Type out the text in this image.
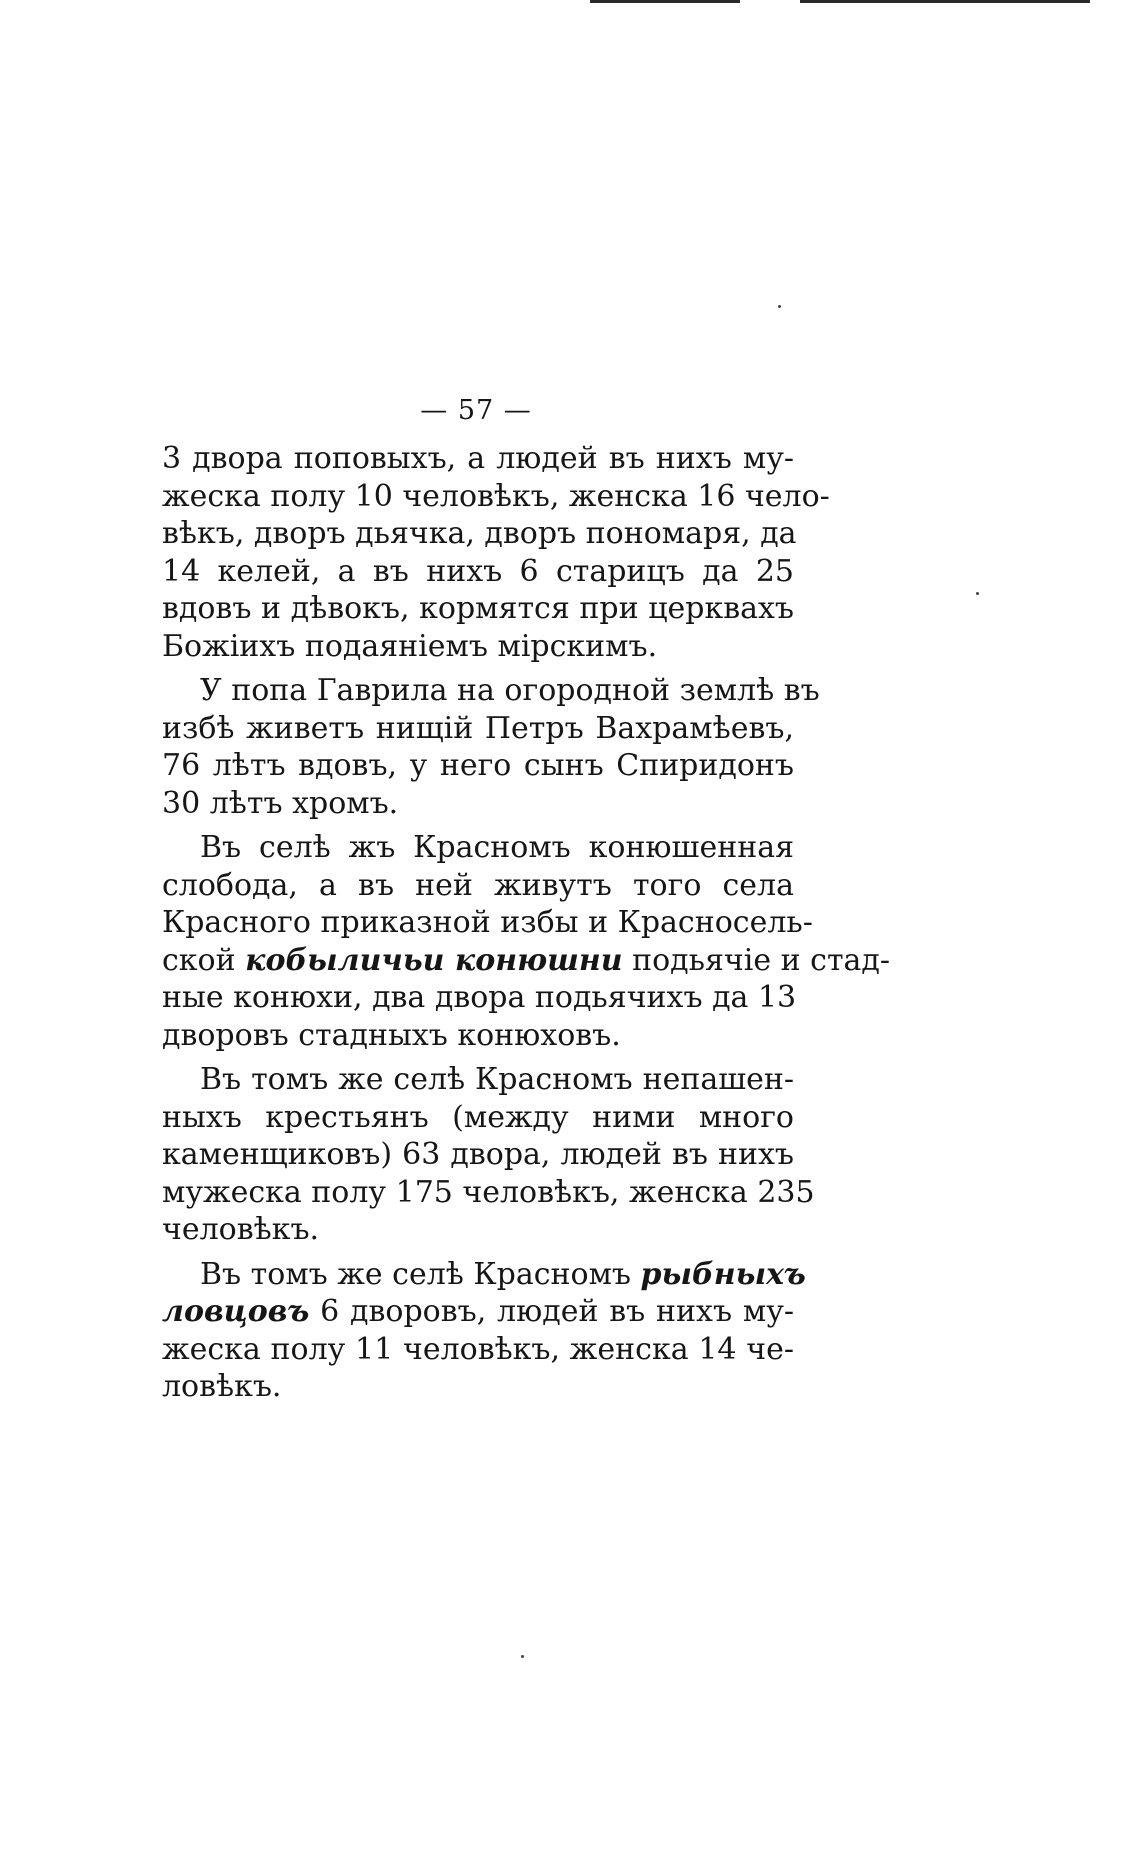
— 57 —
3 двора поповыхъ, а людей въ нихъ му-
жеска полу 10 человѣкъ, женска 16 чело-
вѣкъ, дворъ дьячка, дворъ пономаря, да
14 келей, а въ нихъ 6 старицъ да 25
вдовъ и дѣвокъ, кормятся при церквахъ
Божіихъ подаяніемъ мірскимъ.
У попа Гаврила на огородной землѣ въ
избѣ живетъ нищій Петръ Вахрамѣевъ,
76 лѣтъ вдовъ, у него сынъ Спиридонъ
30 лѣтъ хромъ.
Въ селѣ жъ Красномъ конюшенная
слобода, а въ ней живутъ того села
Красного приказной избы и Красносель-
ской кобыличьи конюшни подьячіе и стад-
ные конюхи, два двора подьячихъ да 13
дворовъ стадныхъ конюховъ.
Въ томъ же селѣ Красномъ непашен-
ныхъ крестьянъ (между ними много
каменщиковъ) 63 двора, людей въ нихъ
мужеска полу 175 человѣкъ, женска 235
человѣкъ.
Въ томъ же селѣ Красномъ рыбныхъ
ловцовъ 6 дворовъ, людей въ нихъ му-
жеска полу 11 человѣкъ, женска 14 че-
ловѣкъ.
